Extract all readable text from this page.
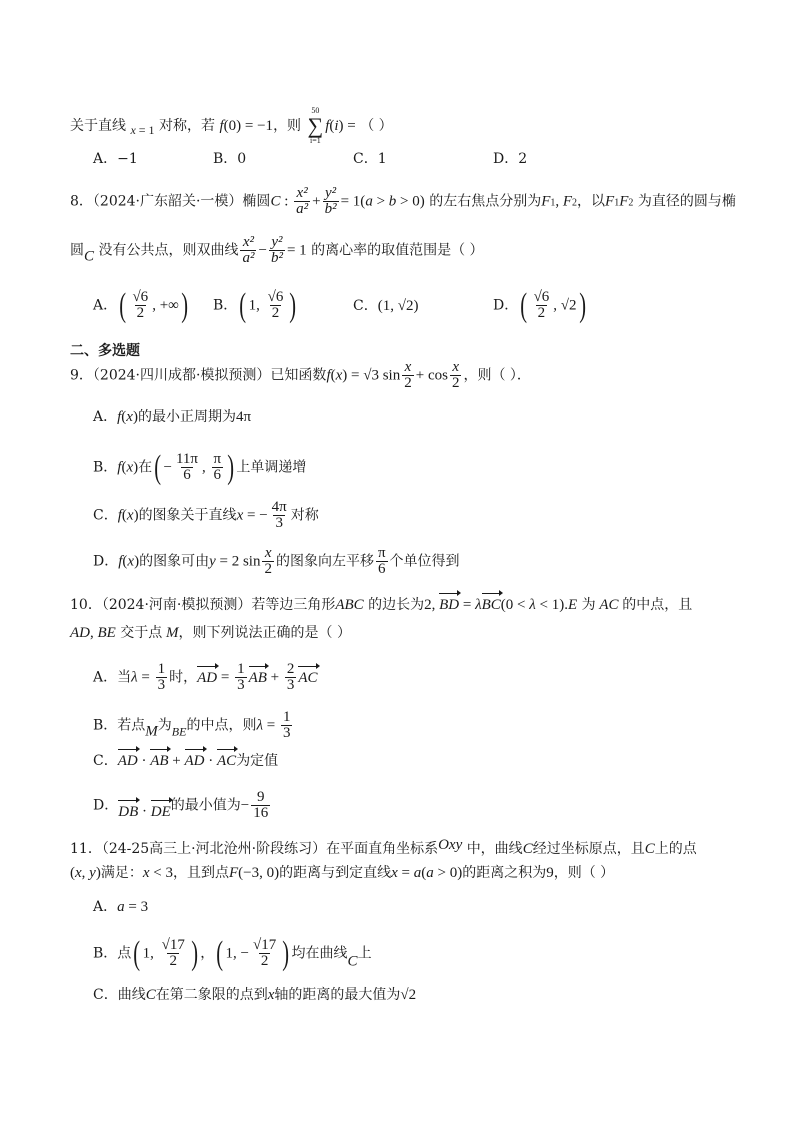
关于直线 x = 1 对称，若 f(0) = −1，则
50
∑
i=1
f(i) = （ ）
A．−1	B．0	C．1	D．2
8．（2024·广东韶关·一模）椭圆C : $\frac{\text{x²}}{\text{a²}} + \frac{\text{y²}}{\text{b²}} = 1(a > b > 0)$ 的左右焦点分别为F1, F2，以F1F2 为直径的圆与椭
圆C 没有公共点，则双曲线 $\frac{\text{x²}}{\text{a²}} - \frac{\text{y²}}{\text{b²}} = 1$ 的离心率的取值范围是（ ）
A．( $\frac{√6}{2}$ , +∞) B．( 1, $\frac{√6}{2}$ )	C．(1, √2)	D．( $\frac{√6}{2}$ , √2)
二、多选题
9．（2024·四川成都·模拟预测）已知函数f(x) = √3 $\sin \frac{x}{2} + \cos \frac{x}{2}$ ，则（ ）．
A．f(x)的最小正周期为4π
B．f(x)在( − $\frac{11\pi}{6}$ , $\frac{\pi}{6}$ ) 上单调递增
C．f(x)的图象关于直线x = − $\frac{4\pi}{3}$ 对称
D．f(x)的图象可由y = 2 $\sin \frac{x}{2}$ 的图象向左平移 $\frac{\pi}{6}$ 个单位得到
10．（2024·河南·模拟预测）若等边三角形ABC 的边长为2, BD = λBC(0 < λ < 1).E 为 AC 的中点，且
AD, BE 交于点 M，则下列说法正确的是（ ）
A．当$\lambda = \frac{1}{3}$ 时，AD = $\frac{1}{3}$ AB + $\frac{2}{3}$ AC
B．若点M为BE的中点，则$\lambda = \frac{1}{3}$
C．AD · AB + AD · AC为定值
D．DB · DE的最小值为− $\frac{9}{16}$
11．（24-25高三上·河北沧州·阶段练习）在平面直角坐标系Oxy 中，曲线C经过坐标原点，且C上的点
(x, y)满足：x < 3，且到点F(−3, 0)的距离与到定直线x = a(a > 0)的距离之积为9，则（ ）
A．a = 3
B．点( 1, $\frac{√17}{2}$ ) ，( 1, − $\frac{√17}{2}$ ) 均在曲线C上
C．曲线C在第二象限的点到x轴的距离的最大值为√2
